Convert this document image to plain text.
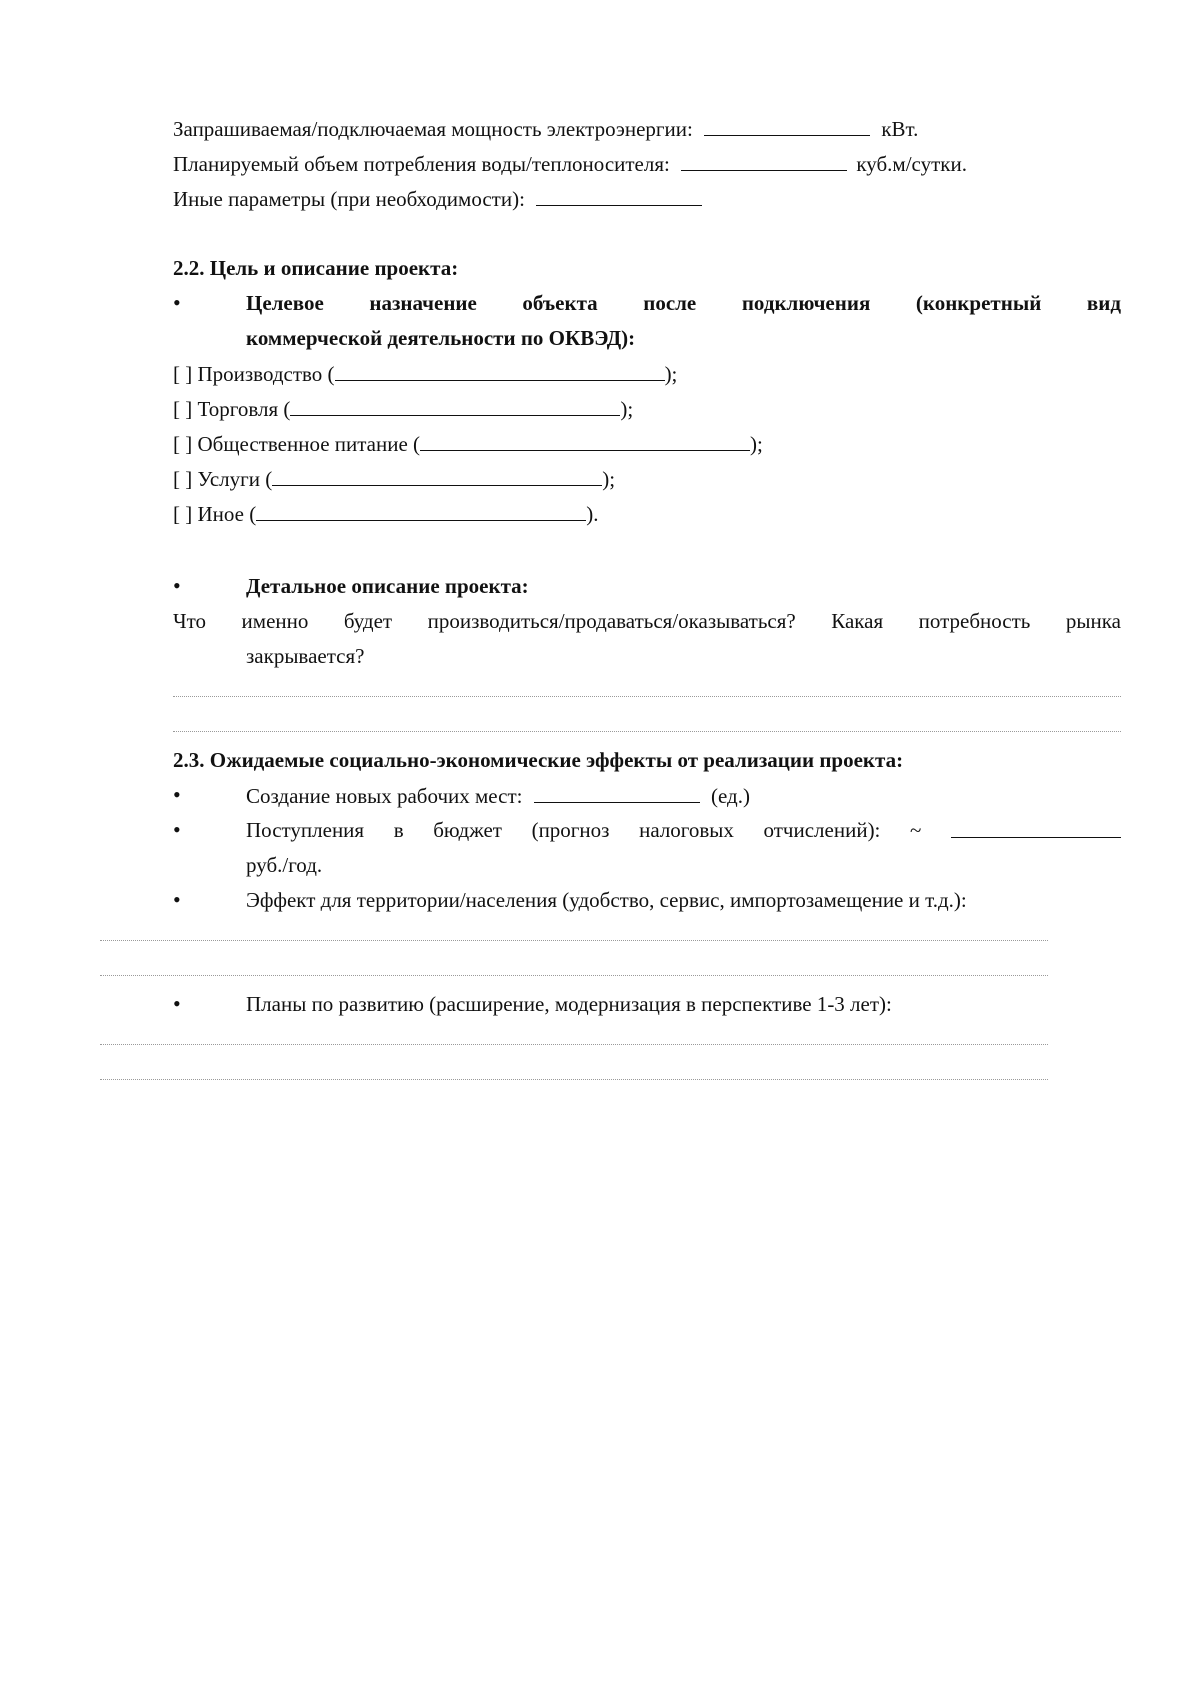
Запрашиваемая/подключаемая мощность электроэнергии:	кВт.
Планируемый объем потребления воды/теплоносителя:	куб.м/сутки.
Иные параметры (при необходимости):
2.2. Цель и описание проекта:
•
Целевое назначение объекта после подключения (конкретный вид
коммерческой деятельности по ОКВЭД):
[ ] Производство (	);
[ ] Торговля (	);
[ ] Общественное питание (	);
[ ] Услуги (	);
[ ] Иное (	).
•
Детальное описание проекта:
Что именно будет производиться/продаваться/оказываться? Какая потребность рынка
закрывается?
2.3. Ожидаемые социально-экономические эффекты от реализации проекта:
•
Создание новых рабочих мест:	(ед.)
•
Поступления в бюджет (прогноз налоговых отчислений): ~
руб./год.
•
Эффект для территории/населения (удобство, сервис, импортозамещение и т.д.):
•
Планы по развитию (расширение, модернизация в перспективе 1-3 лет):
